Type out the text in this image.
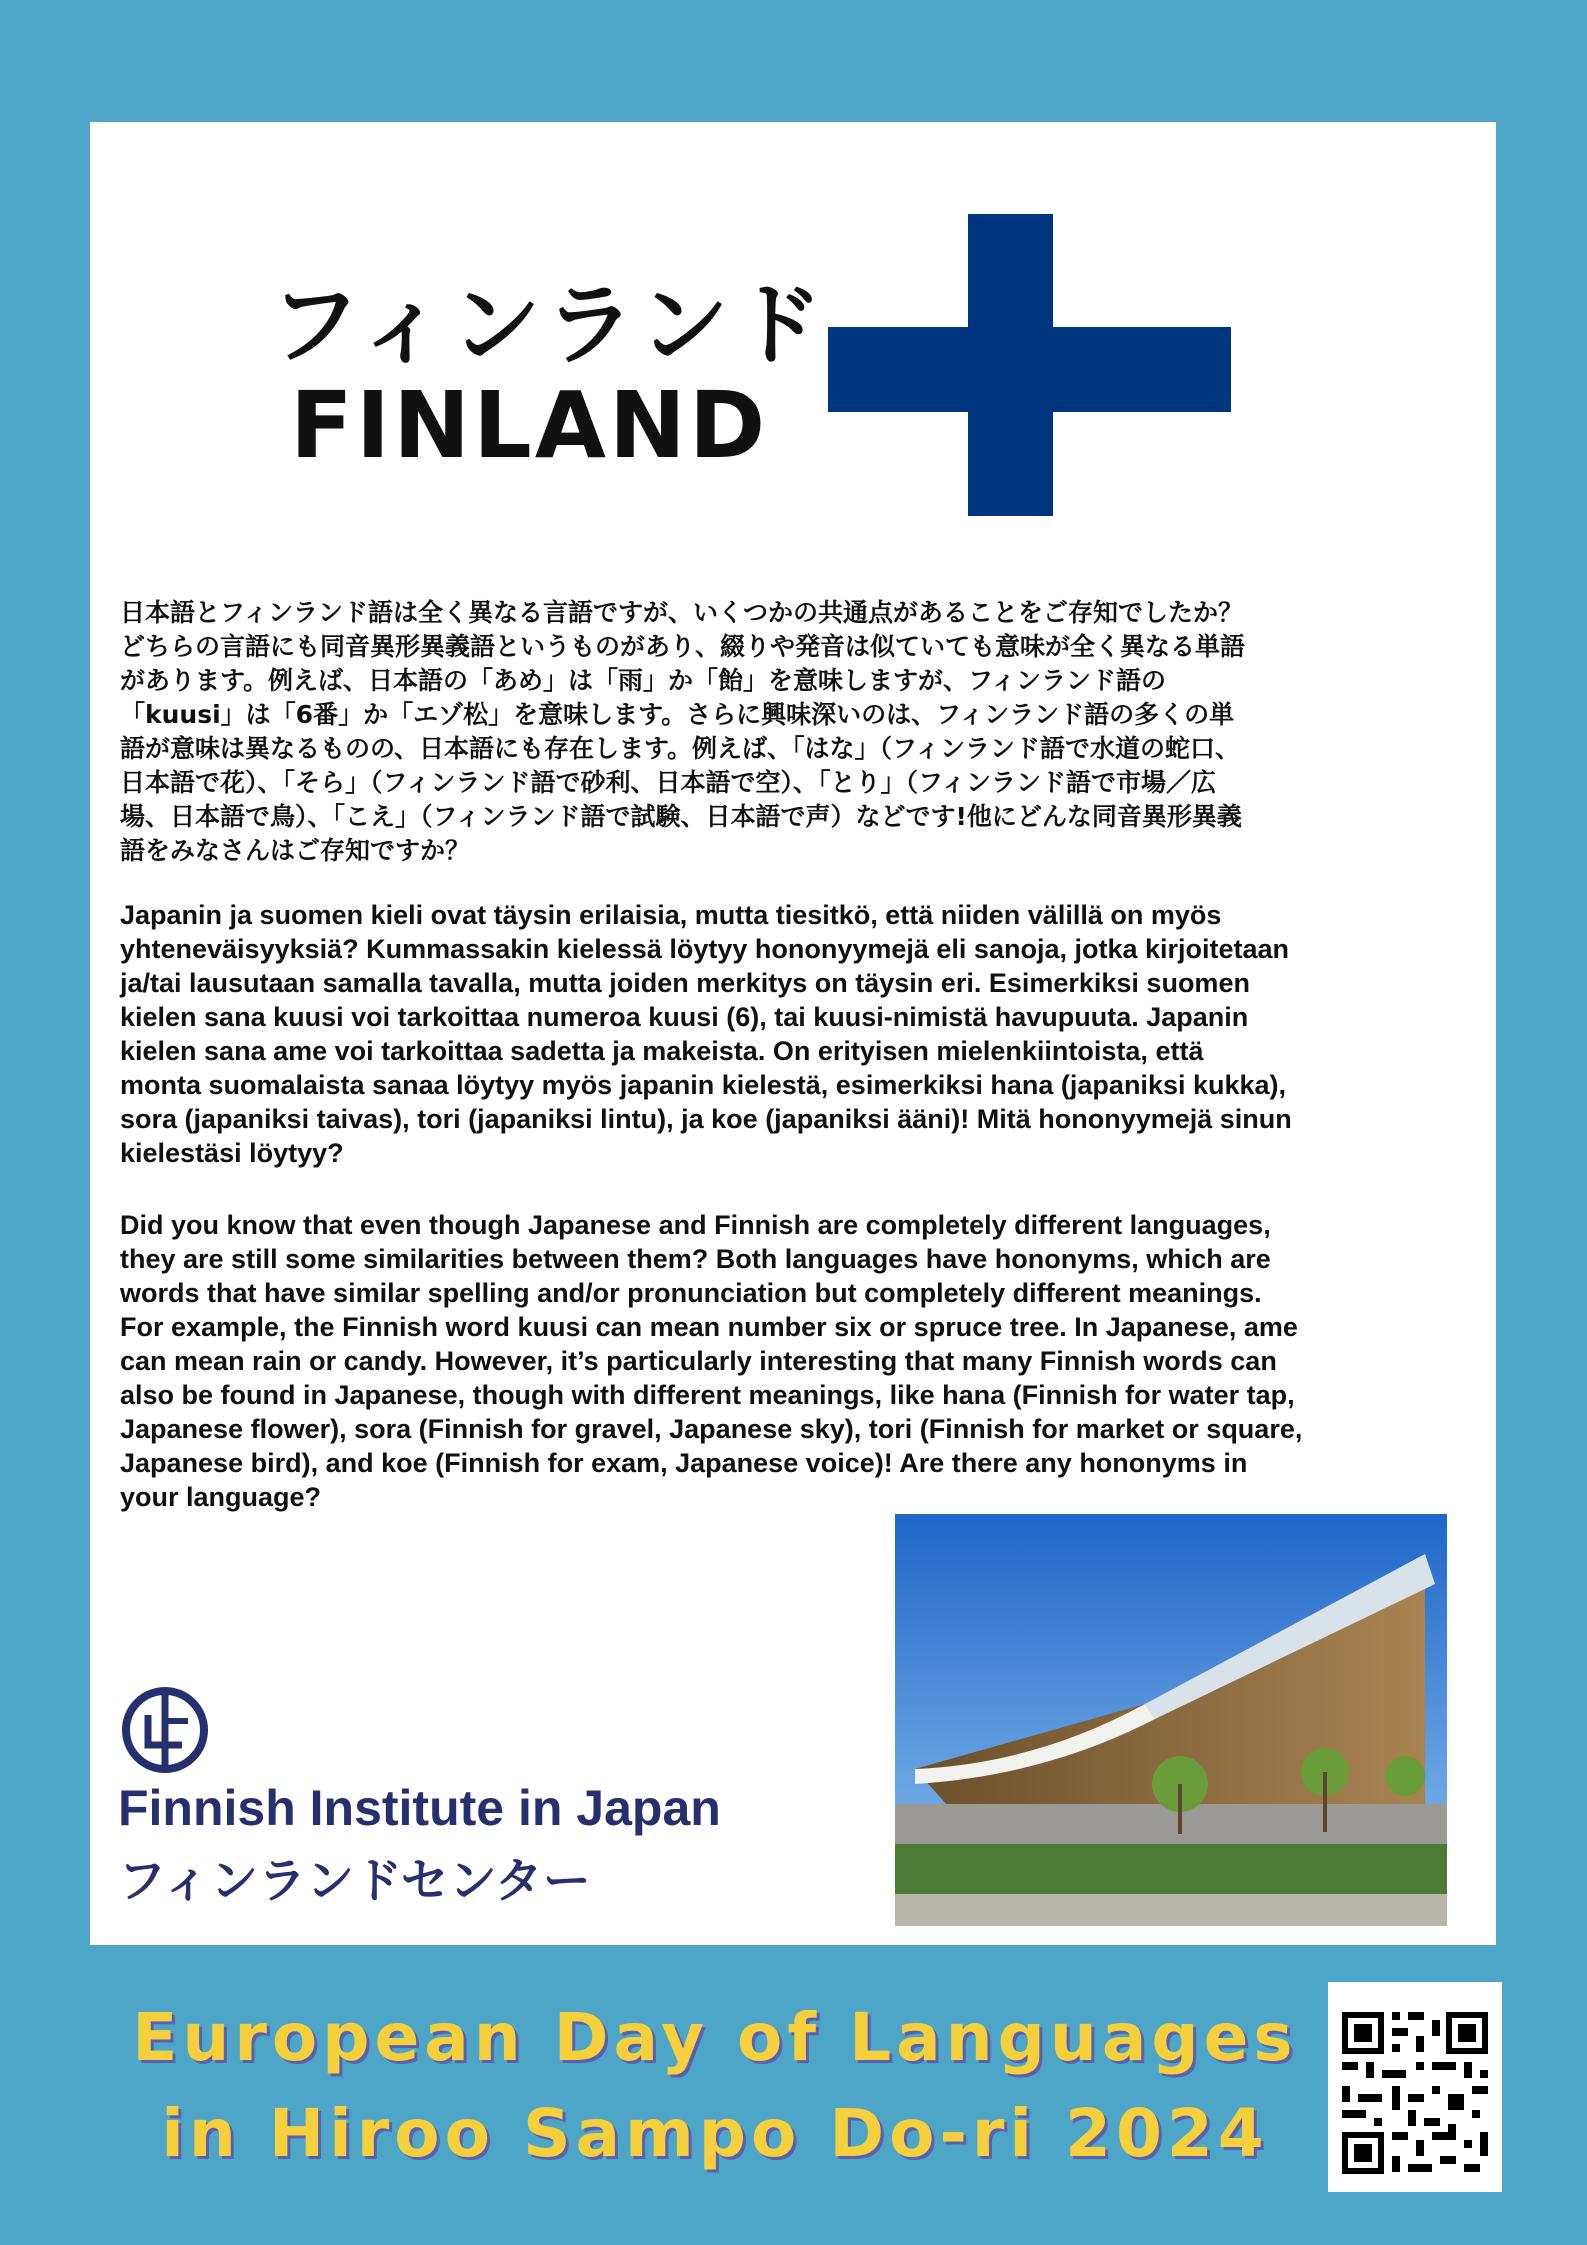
フィンランド
FINLAND
日本語とフィンランド語は全く異なる言語ですが、いくつかの共通点があることをご存知でしたか？
どちらの言語にも同音異形異義語というものがあり、綴りや発音は似ていても意味が全く異なる単語
があります。例えば、日本語の「あめ」は「雨」か「飴」を意味しますが、フィンランド語の
「kuusi」は「6番」か「エゾ松」を意味します。さらに興味深いのは、フィンランド語の多くの単
語が意味は異なるものの、日本語にも存在します。例えば、「はな」（フィンランド語で水道の蛇口、
日本語で花）、「そら」（フィンランド語で砂利、日本語で空）、「とり」（フィンランド語で市場／広
場、日本語で鳥）、「こえ」（フィンランド語で試験、日本語で声）などです!他にどんな同音異形異義
語をみなさんはご存知ですか？
Japanin ja suomen kieli ovat täysin erilaisia, mutta tiesitkö, että niiden välillä on myös
yhteneväisyyksiä? Kummassakin kielessä löytyy hononyymejä eli sanoja, jotka kirjoitetaan
ja/tai lausutaan samalla tavalla, mutta joiden merkitys on täysin eri. Esimerkiksi suomen
kielen sana kuusi voi tarkoittaa numeroa kuusi (6), tai kuusi-nimistä havupuuta. Japanin
kielen sana ame voi tarkoittaa sadetta ja makeista. On erityisen mielenkiintoista, että
monta suomalaista sanaa löytyy myös japanin kielestä, esimerkiksi hana (japaniksi kukka),
sora (japaniksi taivas), tori (japaniksi lintu), ja koe (japaniksi ääni)! Mitä hononyymejä sinun
kielestäsi löytyy?
Did you know that even though Japanese and Finnish are completely different languages,
they are still some similarities between them? Both languages have hononyms, which are
words that have similar spelling and/or pronunciation but completely different meanings.
For example, the Finnish word kuusi can mean number six or spruce tree. In Japanese, ame
can mean rain or candy. However, it’s particularly interesting that many Finnish words can
also be found in Japanese, though with different meanings, like hana (Finnish for water tap,
Japanese flower), sora (Finnish for gravel, Japanese sky), tori (Finnish for market or square,
Japanese bird), and koe (Finnish for exam, Japanese voice)! Are there any hononyms in
your language?
Finnish Institute in Japan
フィンランドセンター
European Day of Languages
in Hiroo Sampo Do-ri 2024
